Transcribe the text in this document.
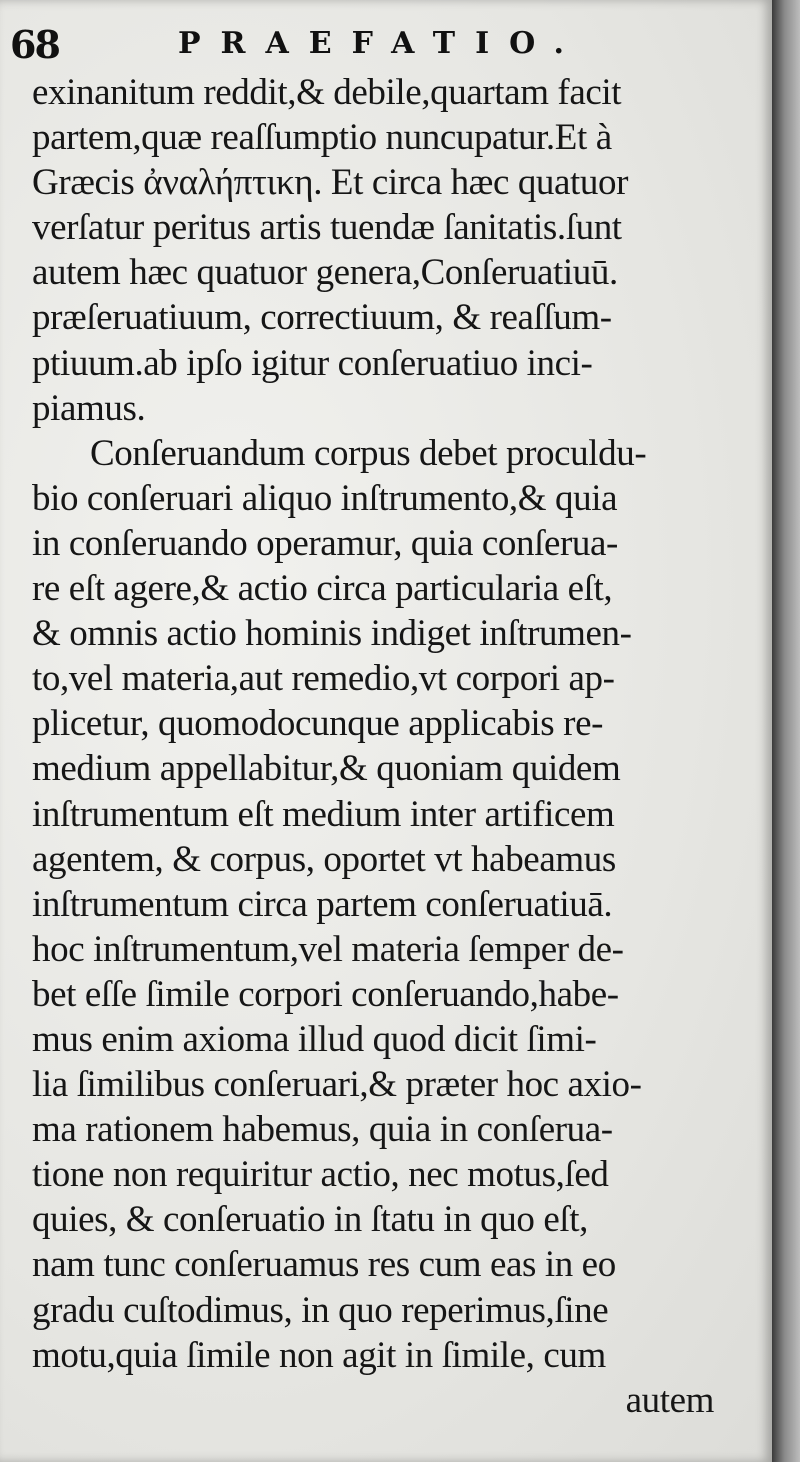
68	PRAEFATIO.
exinanitum reddit,& debile,quartam facit
partem,quæ reaſſumptio nuncupatur.Et à
Græcis ἀναλήπτικη. Et circa hæc quatuor
verſatur peritus artis tuendæ ſanitatis.ſunt
autem hæc quatuor genera,Conſeruatiuū.
præſeruatiuum, correctiuum, & reaſſum-
ptiuum.ab ipſo igitur conſeruatiuo inci-
piamus.
Conſeruandum corpus debet proculdu-
bio conſeruari aliquo inſtrumento,& quia
in conſeruando operamur, quia conſerua-
re eſt agere,& actio circa particularia eſt,
& omnis actio hominis indiget inſtrumen-
to,vel materia,aut remedio,vt corpori ap-
plicetur, quomodocunque applicabis re-
medium appellabitur,& quoniam quidem
inſtrumentum eſt medium inter artificem
agentem, & corpus, oportet vt habeamus
inſtrumentum circa partem conſeruatiuā.
hoc inſtrumentum,vel materia ſemper de-
bet eſſe ſimile corpori conſeruando,habe-
mus enim axioma illud quod dicit ſimi-
lia ſimilibus conſeruari,& præter hoc axio-
ma rationem habemus, quia in conſerua-
tione non requiritur actio, nec motus,ſed
quies, & conſeruatio in ſtatu in quo eſt,
nam tunc conſeruamus res cum eas in eo
gradu cuſtodimus, in quo reperimus,ſine
motu,quia ſimile non agit in ſimile, cum
autem
